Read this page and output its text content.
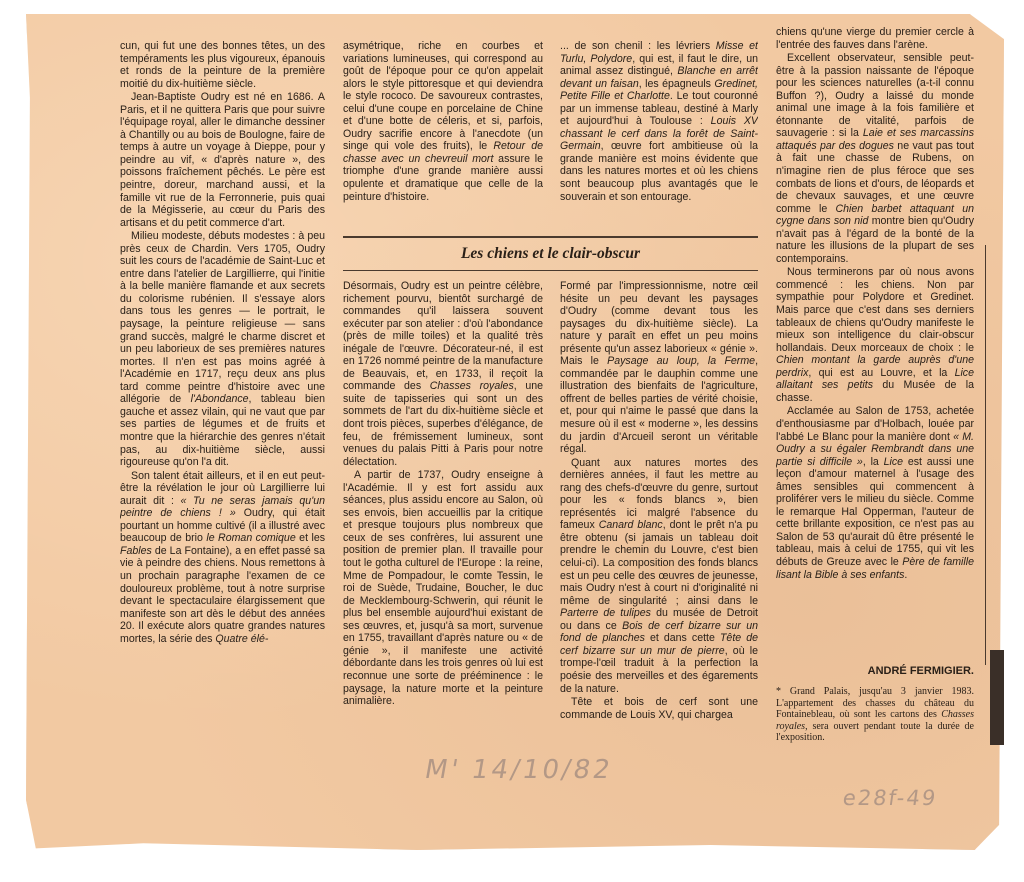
cun, qui fut une des bonnes têtes, un des tempéraments les plus vigoureux, épanouis et ronds de la peinture de la première moitié du dix-huitième siècle.

Jean-Baptiste Oudry est né en 1686. A Paris, et il ne quittera Paris que pour suivre l'équipage royal, aller le dimanche dessiner à Chantilly ou au bois de Boulogne, faire de temps à autre un voyage à Dieppe, pour y peindre au vif, « d'après nature », des poissons fraîchement pêchés. Le père est peintre, doreur, marchand aussi, et la famille vit rue de la Ferronnerie, puis quai de la Mégisserie, au cœur du Paris des artisans et du petit commerce d'art.

Milieu modeste, débuts modestes : à peu près ceux de Chardin. Vers 1705, Oudry suit les cours de l'académie de Saint-Luc et entre dans l'atelier de Largillierre, qui l'initie à la belle manière flamande et aux secrets du colorisme rubénien. Il s'essaye alors dans tous les genres — le portrait, le paysage, la peinture religieuse — sans grand succès, malgré le charme discret et un peu laborieux de ses premières natures mortes. Il n'en est pas moins agréé à l'Académie en 1717, reçu deux ans plus tard comme peintre d'histoire avec une allégorie de l'Abondance, tableau bien gauche et assez vilain, qui ne vaut que par ses parties de légumes et de fruits et montre que la hiérarchie des genres n'était pas, au dix-huitième siècle, aussi rigoureuse qu'on l'a dit.

Son talent était ailleurs, et il en eut peut-être la révélation le jour où Largillierre lui aurait dit : « Tu ne seras jamais qu'un peintre de chiens ! » Oudry, qui était pourtant un homme cultivé (il a illustré avec beaucoup de brio le Roman comique et les Fables de La Fontaine), a en effet passé sa vie à peindre des chiens. Nous remettons à un prochain paragraphe l'examen de ce douloureux problème, tout à notre surprise devant le spectaculaire élargissement que manifeste son art dès le début des années 20. Il exécute alors quatre grandes natures mortes, la série des Quatre élé-

asymétrique, riche en courbes et variations lumineuses, qui correspond au goût de l'époque pour ce qu'on appelait alors le style pittoresque et qui deviendra le style rococo. De savoureux contrastes, celui d'une coupe en porcelaine de Chine et d'une botte de céleris, et si, parfois, Oudry sacrifie encore à l'anecdote (un singe qui vole des fruits), le Retour de chasse avec un chevreuil mort assure le triomphe d'une grande manière aussi opulente et dramatique que celle de la peinture d'histoire.

... de son chenil : les lévriers Misse et Turlu, Polydore, qui est, il faut le dire, un animal assez distingué, Blanche en arrêt devant un faisan, les épagneuls Gredinet, Petite Fille et Charlotte. Le tout couronné par un immense tableau, destiné à Marly et aujourd'hui à Toulouse : Louis XV chassant le cerf dans la forêt de Saint-Germain, œuvre fort ambitieuse où la grande manière est moins évidente que dans les natures mortes et où les chiens sont beaucoup plus avantagés que le souverain et son entourage.

chiens qu'une vierge du premier cercle à l'entrée des fauves dans l'arène.

Excellent observateur, sensible peut-être à la passion naissante de l'époque pour les sciences naturelles (a-t-il connu Buffon ?), Oudry a laissé du monde animal une image à la fois familière et étonnante de vitalité, parfois de sauvagerie : si la Laie et ses marcassins attaqués par des dogues ne vaut pas tout à fait une chasse de Rubens, on n'imagine rien de plus féroce que ses combats de lions et d'ours, de léopards et de chevaux sauvages, et une œuvre comme le Chien barbet attaquant un cygne dans son nid montre bien qu'Oudry n'avait pas à l'égard de la bonté de la nature les illusions de la plupart de ses contemporains.

Nous terminerons par où nous avons commencé : les chiens. Non par sympathie pour Polydore et Gredinet. Mais parce que c'est dans ses derniers tableaux de chiens qu'Oudry manifeste le mieux son intelligence du clair-obscur hollandais. Deux morceaux de choix : le Chien montant la garde auprès d'une perdrix, qui est au Louvre, et la Lice allaitant ses petits du Musée de la chasse.

Acclamée au Salon de 1753, achetée d'enthousiasme par d'Holbach, louée par l'abbé Le Blanc pour la manière dont « M. Oudry a su égaler Rembrandt dans une partie si difficile », la Lice est aussi une leçon d'amour maternel à l'usage des âmes sensibles qui commencent à proliférer vers le milieu du siècle. Comme le remarque Hal Opperman, l'auteur de cette brillante exposition, ce n'est pas au Salon de 53 qu'aurait dû être présenté le tableau, mais à celui de 1755, qui vit les débuts de Greuze avec le Père de famille lisant la Bible à ses enfants.

Les chiens et le clair-obscur

Désormais, Oudry est un peintre célèbre, richement pourvu, bientôt surchargé de commandes qu'il laissera souvent exécuter par son atelier : d'où l'abondance (près de mille toiles) et la qualité très inégale de l'œuvre. Décorateur-né, il est en 1726 nommé peintre de la manufacture de Beauvais, et, en 1733, il reçoit la commande des Chasses royales, une suite de tapisseries qui sont un des sommets de l'art du dix-huitième siècle et dont trois pièces, superbes d'élégance, de feu, de frémissement lumineux, sont venues du palais Pitti à Paris pour notre délectation.

A partir de 1737, Oudry enseigne à l'Académie. Il y est fort assidu aux séances, plus assidu encore au Salon, où ses envois, bien accueillis par la critique et presque toujours plus nombreux que ceux de ses confrères, lui assurent une position de premier plan. Il travaille pour tout le gotha culturel de l'Europe : la reine, Mme de Pompadour, le comte Tessin, le roi de Suède, Trudaine, Boucher, le duc de Mecklembourg-Schwerin, qui réunit le plus bel ensemble aujourd'hui existant de ses œuvres, et, jusqu'à sa mort, survenue en 1755, travaillant d'après nature ou « de génie », il manifeste une activité débordante dans les trois genres où lui est reconnue une sorte de prééminence : le paysage, la nature morte et la peinture animalière.

Formé par l'impressionnisme, notre œil hésite un peu devant les paysages d'Oudry (comme devant tous les paysages du dix-huitième siècle). La nature y paraît en effet un peu moins présente qu'un assez laborieux « génie ». Mais le Paysage au loup, la Ferme, commandée par le dauphin comme une illustration des bienfaits de l'agriculture, offrent de belles parties de vérité choisie, et, pour qui n'aime le passé que dans la mesure où il est « moderne », les dessins du jardin d'Arcueil seront un véritable régal.

Quant aux natures mortes des dernières années, il faut les mettre au rang des chefs-d'œuvre du genre, surtout pour les « fonds blancs », bien représentés ici malgré l'absence du fameux Canard blanc, dont le prêt n'a pu être obtenu (si jamais un tableau doit prendre le chemin du Louvre, c'est bien celui-ci). La composition des fonds blancs est un peu celle des œuvres de jeunesse, mais Oudry n'est à court ni d'originalité ni même de singularité ; ainsi dans le Parterre de tulipes du musée de Detroit ou dans ce Bois de cerf bizarre sur un fond de planches et dans cette Tête de cerf bizarre sur un mur de pierre, où le trompe-l'œil traduit à la perfection la poésie des merveilles et des égarements de la nature.

Tête et bois de cerf sont une commande de Louis XV, qui chargea

ANDRÉ FERMIGIER.
* Grand Palais, jusqu'au 3 janvier 1983. L'appartement des chasses du château du Fontainebleau, où sont les cartons des Chasses royales, sera ouvert pendant toute la durée de l'exposition.
M' 14/10/82
e28f-49
